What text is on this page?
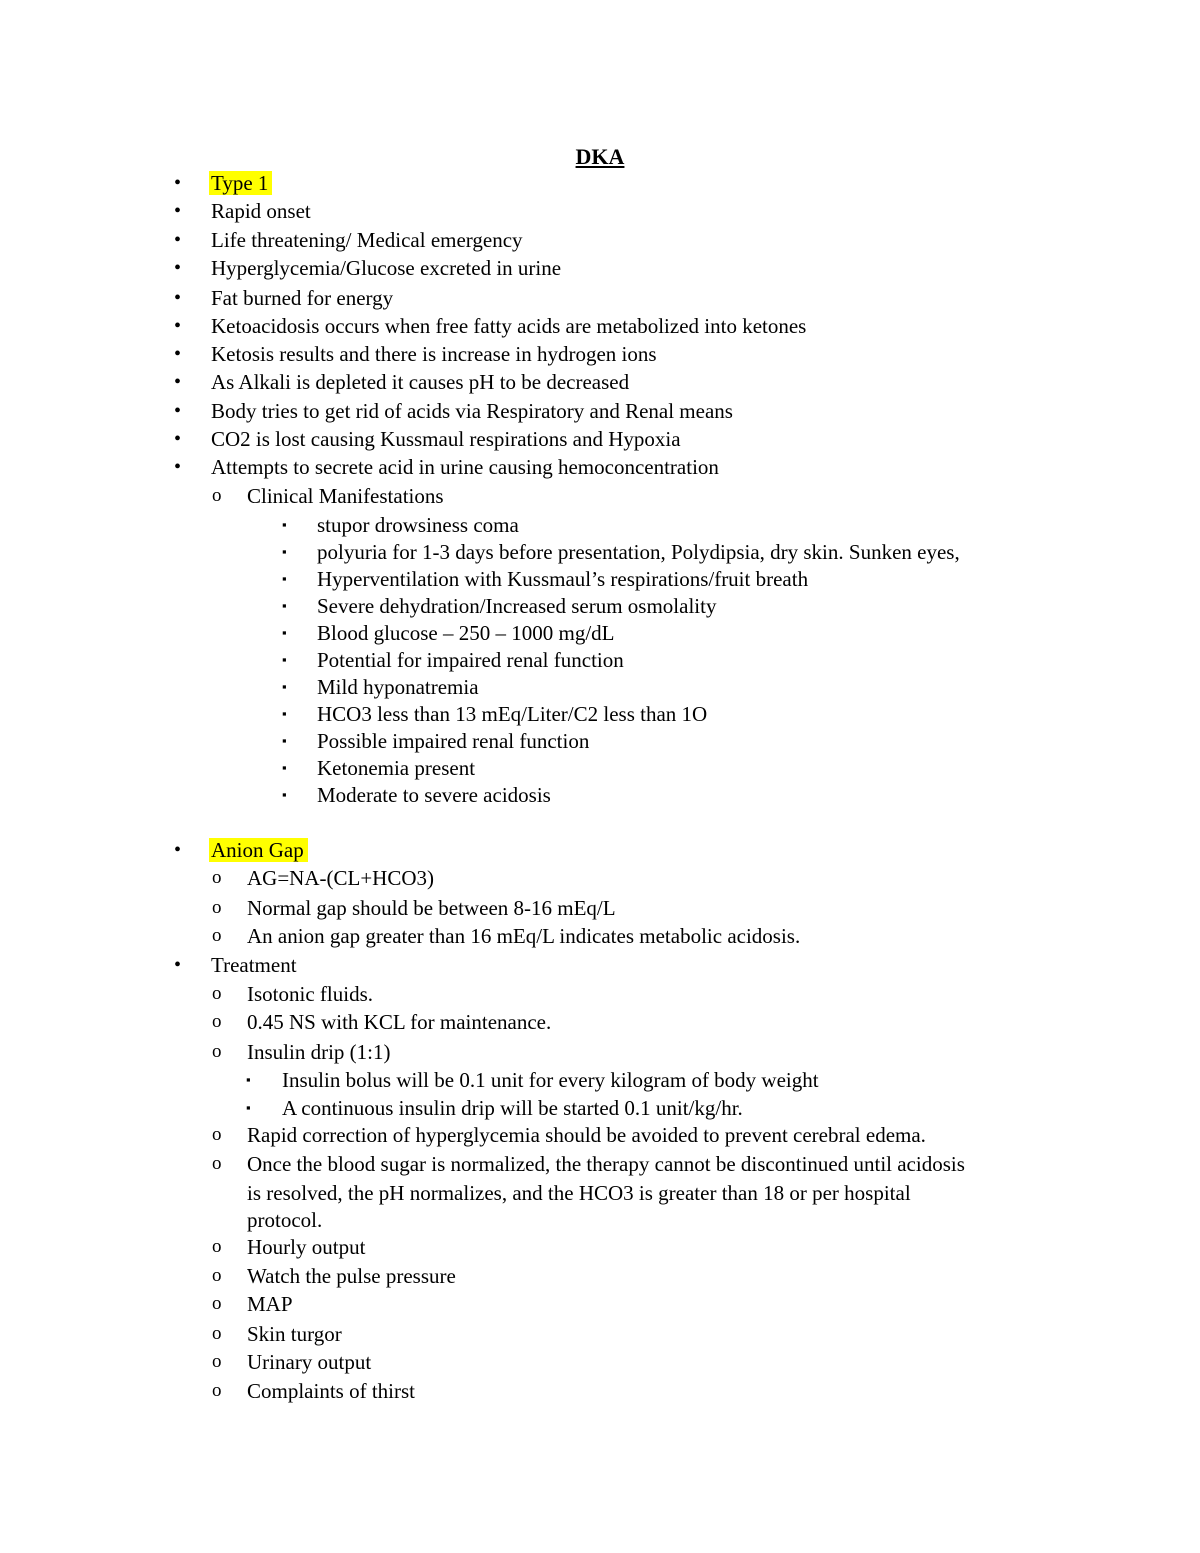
DKA
• Type 1
• Rapid onset
• Life threatening/ Medical emergency
• Hyperglycemia/Glucose excreted in urine
• Fat burned for energy
• Ketoacidosis occurs when free fatty acids are metabolized into ketones
• Ketosis results and there is increase in hydrogen ions
• As Alkali is depleted it causes pH to be decreased
• Body tries to get rid of acids via Respiratory and Renal means
• CO2 is lost causing Kussmaul respirations and Hypoxia
• Attempts to secrete acid in urine causing hemoconcentration
o Clinical Manifestations
▪ stupor drowsiness coma
▪ polyuria for 1-3 days before presentation, Polydipsia, dry skin. Sunken eyes,
▪ Hyperventilation with Kussmaul’s respirations/fruit breath
▪ Severe dehydration/Increased serum osmolality
▪ Blood glucose – 250 – 1000 mg/dL
▪ Potential for impaired renal function
▪ Mild hyponatremia
▪ HCO3 less than 13 mEq/Liter/C2 less than 1O
▪ Possible impaired renal function
▪ Ketonemia present
▪ Moderate to severe acidosis
• Anion Gap
o AG=NA-(CL+HCO3)
o Normal gap should be between 8-16 mEq/L
o An anion gap greater than 16 mEq/L indicates metabolic acidosis.
• Treatment
o Isotonic fluids.
o 0.45 NS with KCL for maintenance.
o Insulin drip (1:1)
▪ Insulin bolus will be 0.1 unit for every kilogram of body weight
▪ A continuous insulin drip will be started 0.1 unit/kg/hr.
o Rapid correction of hyperglycemia should be avoided to prevent cerebral edema.
o Once the blood sugar is normalized, the therapy cannot be discontinued until acidosis
is resolved, the pH normalizes, and the HCO3 is greater than 18 or per hospital
protocol.
o Hourly output
o Watch the pulse pressure
o MAP
o Skin turgor
o Urinary output
o Complaints of thirst
